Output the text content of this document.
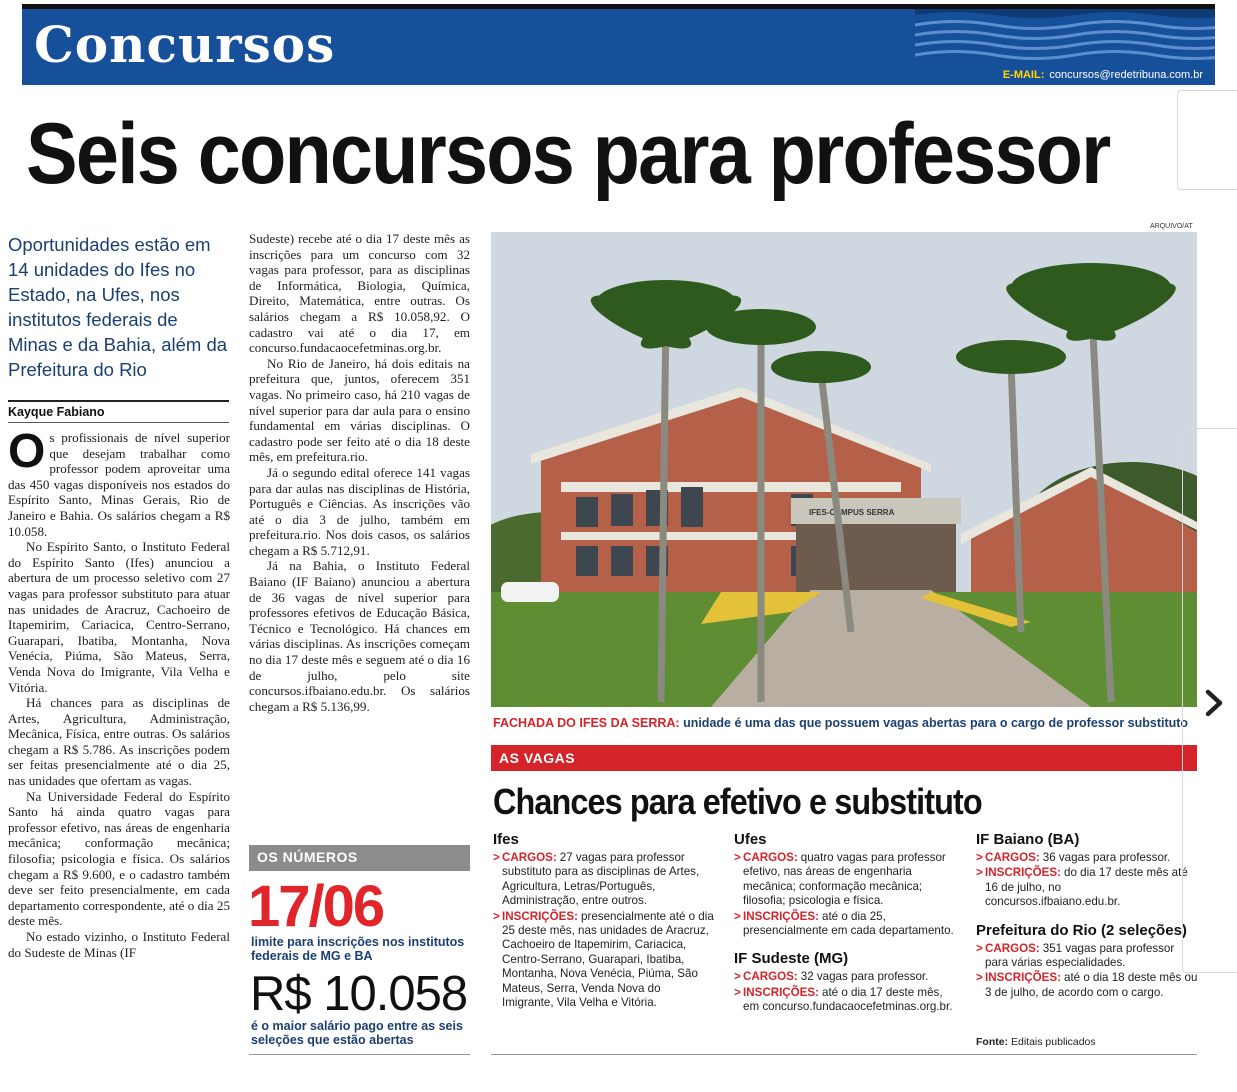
Concursos
E-MAIL: concursos@redetribuna.com.br
Seis concursos para professor
Oportunidades estão em 14 unidades do Ifes no Estado, na Ufes, nos institutos federais de Minas e da Bahia, além da Prefeitura do Rio
Kayque Fabiano

Os profissionais de nível superior que desejam trabalhar como professor podem aproveitar uma das 450 vagas disponíveis nos estados do Espírito Santo, Minas Gerais, Rio de Janeiro e Bahia. Os salários chegam a R$ 10.058.

No Espírito Santo, o Instituto Federal do Espírito Santo (Ifes) anunciou a abertura de um processo seletivo com 27 vagas para professor substituto para atuar nas unidades de Aracruz, Cachoeiro de Itapemirim, Cariacica, Centro-Serrano, Guarapari, Ibatiba, Montanha, Nova Venécia, Piúma, São Mateus, Serra, Venda Nova do Imigrante, Vila Velha e Vitória.

Há chances para as disciplinas de Artes, Agricultura, Administração, Mecânica, Física, entre outras. Os salários chegam a R$ 5.786. As inscrições podem ser feitas presencialmente até o dia 25, nas unidades que ofertam as vagas.

Na Universidade Federal do Espírito Santo há ainda quatro vagas para professor efetivo, nas áreas de engenharia mecânica; conformação mecânica; filosofia; psicologia e física. Os salários chegam a R$ 9.600, e o cadastro também deve ser feito presencialmente, em cada departamento correspondente, até o dia 25 deste mês.

No estado vizinho, o Instituto Federal do Sudeste de Minas (IF

Sudeste) recebe até o dia 17 deste mês as inscrições para um concurso com 32 vagas para professor, para as disciplinas de Informática, Biologia, Química, Direito, Matemática, entre outras. Os salários chegam a R$ 10.058,92. O cadastro vai até o dia 17, em concurso.fundacaocefetminas.org.br.

No Rio de Janeiro, há dois editais na prefeitura que, juntos, oferecem 351 vagas. No primeiro caso, há 210 vagas de nível superior para dar aula para o ensino fundamental em várias disciplinas. O cadastro pode ser feito até o dia 18 deste mês, em prefeitura.rio.

Já o segundo edital oferece 141 vagas para dar aulas nas disciplinas de História, Português e Ciências. As inscrições vão até o dia 3 de julho, também em prefeitura.rio. Nos dois casos, os salários chegam a R$ 5.712,91.

Já na Bahia, o Instituto Federal Baiano (IF Baiano) anunciou a abertura de 36 vagas de nível superior para professores efetivos de Educação Básica, Técnico e Tecnológico. Há chances em várias disciplinas. As inscrições começam no dia 17 deste mês e seguem até o dia 16 de julho, pelo site concursos.ifbaiano.edu.br. Os salários chegam a R$ 5.136,99.

OS NÚMEROS
17/06
limite para inscrições nos institutos federais de MG e BA
R$ 10.058
é o maior salário pago entre as seis seleções que estão abertas
ARQUIVO/AT
IFES-CAMPUS SERRA
FACHADA DO IFES DA SERRA: unidade é uma das que possuem vagas abertas para o cargo de professor substituto
AS VAGAS
Chances para efetivo e substituto
Ifes
> CARGOS: 27 vagas para professor substituto para as disciplinas de Artes, Agricultura, Letras/Português, Administração, entre outros.
> INSCRIÇÕES: presencialmente até o dia 25 deste mês, nas unidades de Aracruz, Cachoeiro de Itapemirim, Cariacica, Centro-Serrano, Guarapari, Ibatiba, Montanha, Nova Venécia, Piúma, São Mateus, Serra, Venda Nova do Imigrante, Vila Velha e Vitória.
Ufes
> CARGOS: quatro vagas para professor efetivo, nas áreas de engenharia mecânica; conformação mecânica; filosofia; psicologia e física.
> INSCRIÇÕES: até o dia 25, presencialmente em cada departamento.
IF Sudeste (MG)
> CARGOS: 32 vagas para professor.
> INSCRIÇÕES: até o dia 17 deste mês, em concurso.fundacaocefetminas.org.br.
IF Baiano (BA)
> CARGOS: 36 vagas para professor.
> INSCRIÇÕES: do dia 17 deste mês até 16 de julho, no concursos.ifbaiano.edu.br.
Prefeitura do Rio (2 seleções)
> CARGOS: 351 vagas para professor para várias especialidades.
> INSCRIÇÕES: até o dia 18 deste mês ou 3 de julho, de acordo com o cargo.
Fonte: Editais publicados
